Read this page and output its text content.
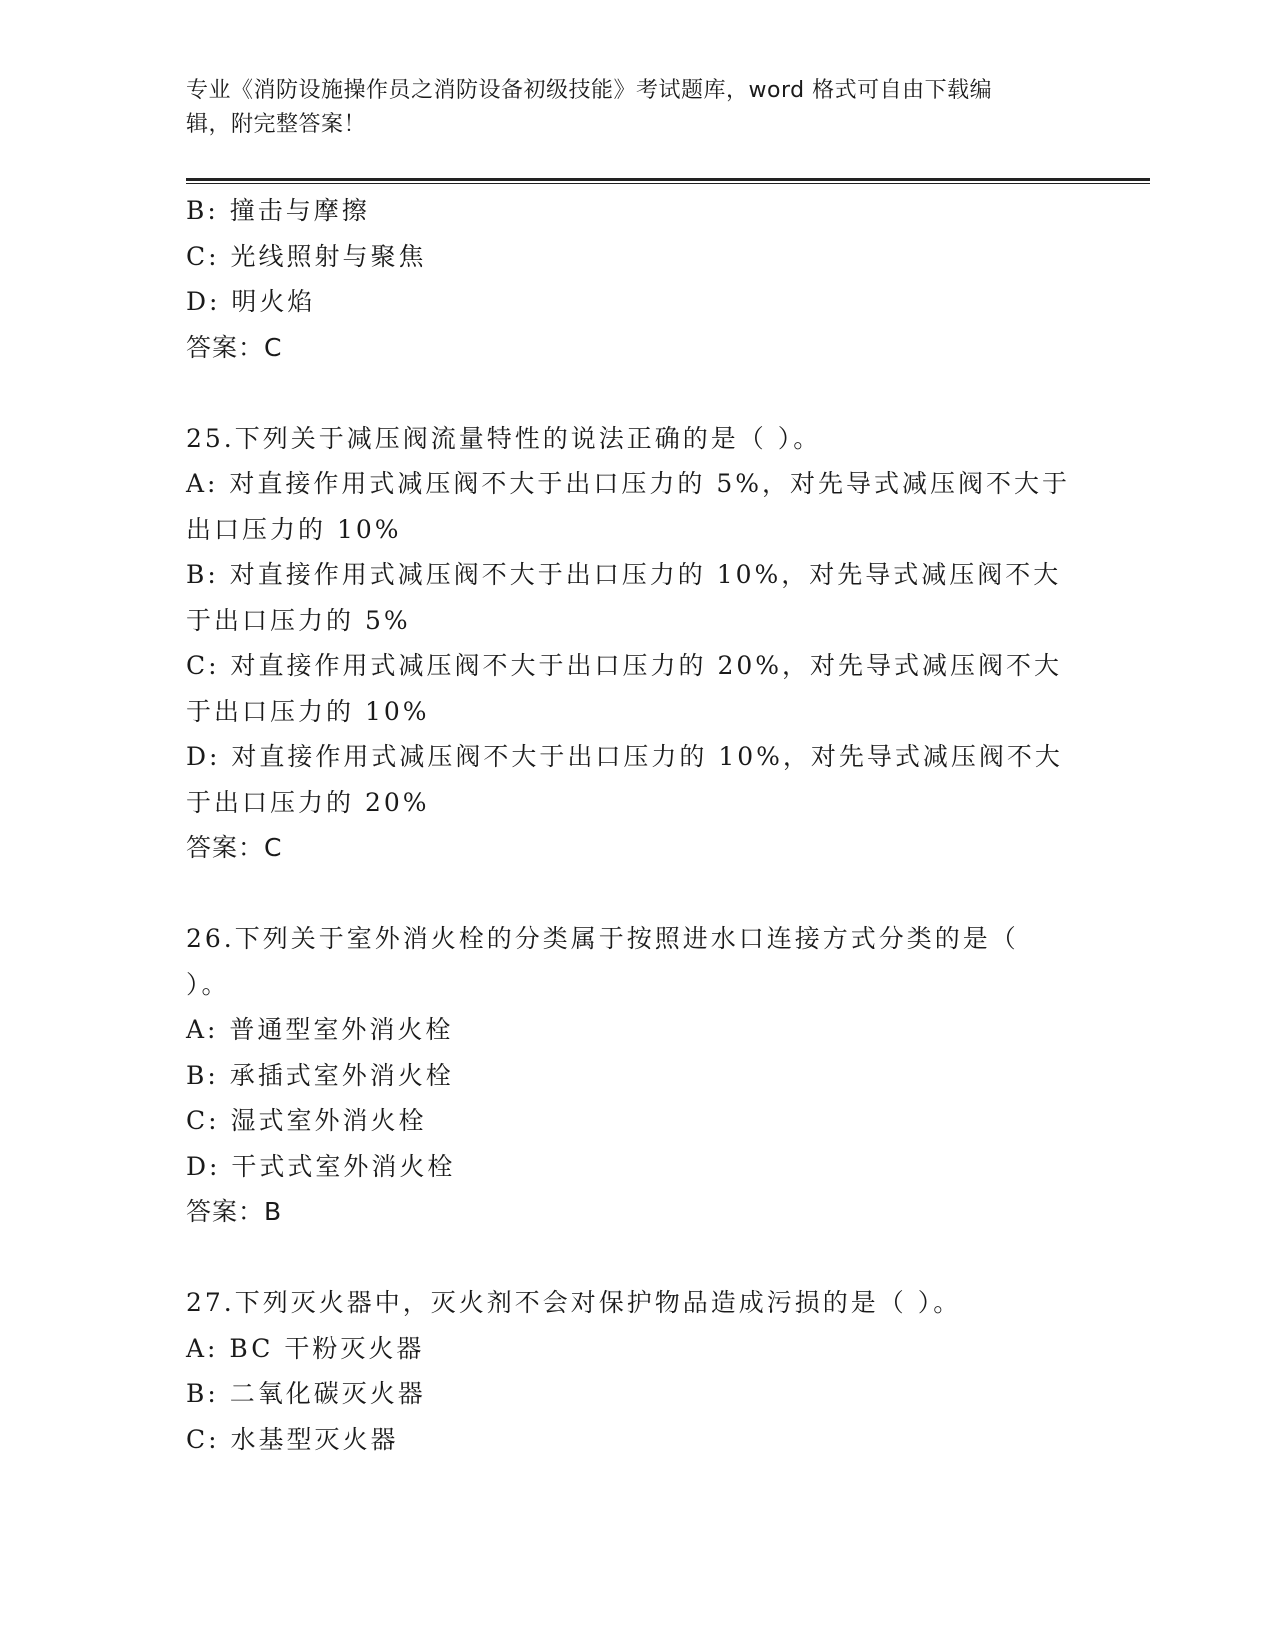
专业《消防设施操作员之消防设备初级技能》考试题库，word 格式可自由下载编
辑，附完整答案！
B: 撞击与摩擦
C: 光线照射与聚焦
D: 明火焰
答案：C
25.下列关于减压阀流量特性的说法正确的是（ ）。
A: 对直接作用式减压阀不大于出口压力的 5%，对先导式减压阀不大于
出口压力的 10%
B: 对直接作用式减压阀不大于出口压力的 10%，对先导式减压阀不大
于出口压力的 5%
C: 对直接作用式减压阀不大于出口压力的 20%，对先导式减压阀不大
于出口压力的 10%
D: 对直接作用式减压阀不大于出口压力的 10%，对先导式减压阀不大
于出口压力的 20%
答案：C
26.下列关于室外消火栓的分类属于按照进水口连接方式分类的是（
）。
A: 普通型室外消火栓
B: 承插式室外消火栓
C: 湿式室外消火栓
D: 干式式室外消火栓
答案：B
27.下列灭火器中，灭火剂不会对保护物品造成污损的是（ ）。
A: BC 干粉灭火器
B: 二氧化碳灭火器
C: 水基型灭火器
